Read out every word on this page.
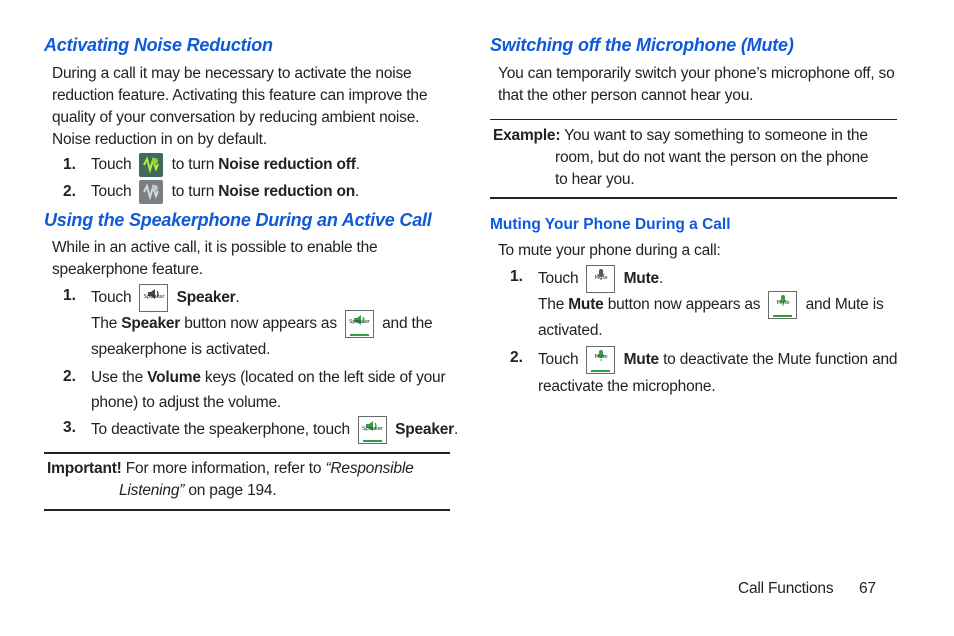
Activating Noise Reduction
During a call it may be necessary to activate the noise
reduction feature. Activating this feature can improve the
quality of your conversation by reducing ambient noise.
Noise reduction in on by default.
1. Touch	to turn Noise reduction off.
2. Touch	to turn Noise reduction on.
Using the Speakerphone During an Active Call
While in an active call, it is possible to enable the
speakerphone feature.
1. Touch	Speaker Speaker.
The Speaker button now appears as	Speaker and the
speakerphone is activated.
2. Use the Volume keys (located on the left side of your
phone) to adjust the volume.
3. To deactivate the speakerphone, touch	Speaker Speaker.
Important! For more information, refer to “Responsible
Listening” on page 194.
Switching off the Microphone (Mute)
You can temporarily switch your phone’s microphone off, so
that the other person cannot hear you.
Example: You want to say something to someone in the
room, but do not want the person on the phone
to hear you.
Muting Your Phone During a Call
To mute your phone during a call:
1. Touch	Mute	Mute.
The Mute button now appears as	Mute	and Mute is
activated.
2. Touch	Mute	Mute to deactivate the Mute function and
reactivate the microphone.
Call Functions 67
